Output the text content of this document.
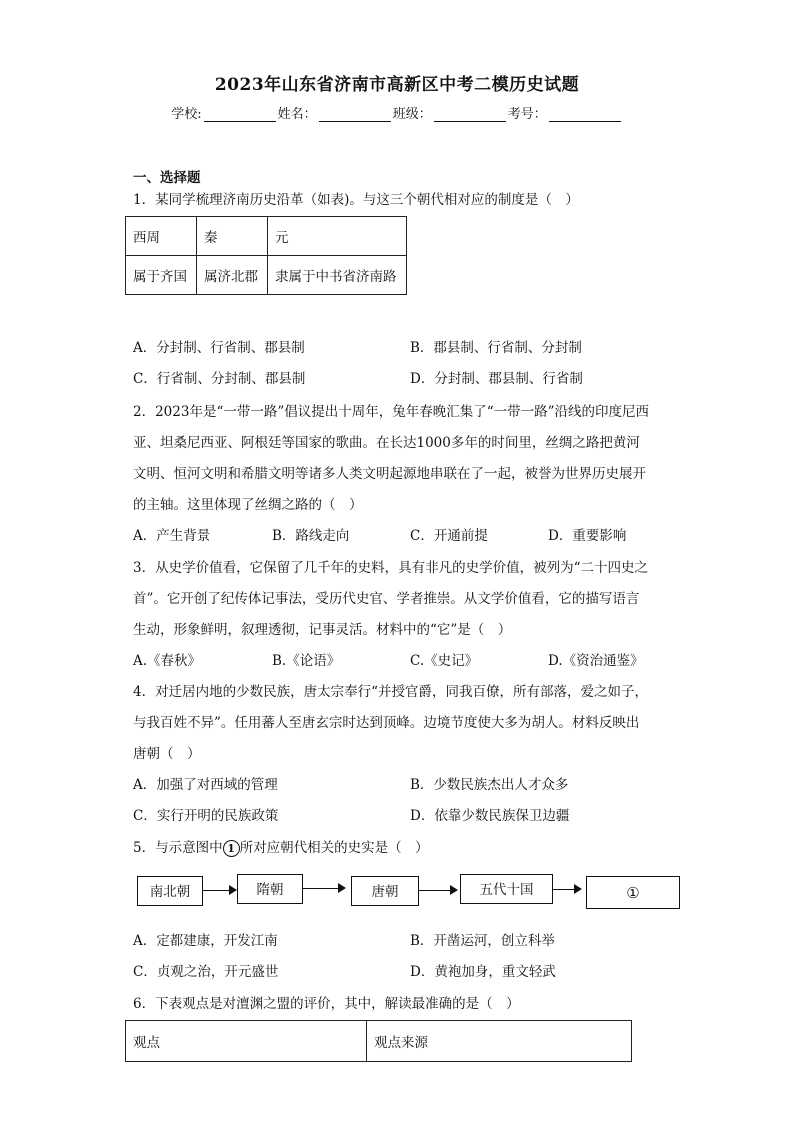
2023年山东省济南市高新区中考二模历史试题
学校:	姓名：	班级：	考号：
一、选择题
1．某同学梳理济南历史沿革（如表)。与这三个朝代相对应的制度是（　）
西周	秦	元
属于齐国	属济北郡	隶属于中书省济南路
A．分封制、行省制、郡县制	B．郡县制、行省制、分封制
C．行省制、分封制、郡县制	D．分封制、郡县制、行省制
2．2023年是“一带一路”倡议提出十周年，兔年春晚汇集了“一带一路”沿线的印度尼西
亚、坦桑尼西亚、阿根廷等国家的歌曲。在长达1000多年的时间里，丝绸之路把黄河
文明、恒河文明和希腊文明等诸多人类文明起源地串联在了一起，被誉为世界历史展开
的主轴。这里体现了丝绸之路的（　）
A．产生背景	B．路线走向	C．开通前提	D．重要影响
3．从史学价值看，它保留了几千年的史料，具有非凡的史学价值，被列为“二十四史之
首”。它开创了纪传体记事法，受历代史官、学者推崇。从文学价值看，它的描写语言
生动，形象鲜明，叙理透彻，记事灵活。材料中的“它”是（　）
A.《春秋》	B.《论语》	C.《史记》	D.《资治通鉴》
4．对迁居内地的少数民族，唐太宗奉行“并授官爵，同我百僚，所有部落，爱之如子，
与我百姓不异”。任用蕃人至唐玄宗时达到顶峰。边境节度使大多为胡人。材料反映出
唐朝（　）
A．加强了对西域的管理	B．少数民族杰出人才众多
C．实行开明的民族政策	D．依靠少数民族保卫边疆
5．与示意图中 1 所对应朝代相关的史实是（　）
南北朝	隋朝	唐朝	五代十国	①
A．定都建康，开发江南	B．开凿运河，创立科举
C．贞观之治，开元盛世	D．黄袍加身，重文轻武
6．下表观点是对澶渊之盟的评价，其中，解读最准确的是（　）
观点	观点来源
